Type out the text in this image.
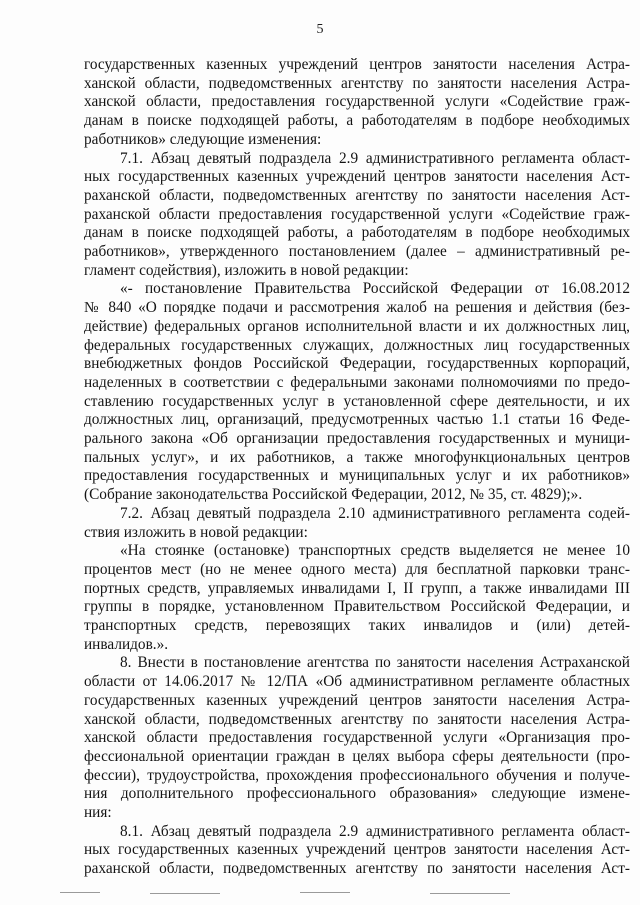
5
государственных казенных учреждений центров занятости населения Астра-
ханской области, подведомственных агентству по занятости населения Астра-
ханской области, предоставления государственной услуги «Содействие граж-
данам в поиске подходящей работы, а работодателям в подборе необходимых
работников» следующие изменения:
7.1. Абзац девятый подраздела 2.9 административного регламента област-
ных государственных казенных учреждений центров занятости населения Аст-
раханской области, подведомственных агентству по занятости населения Аст-
раханской области предоставления государственной услуги «Содействие граж-
данам в поиске подходящей работы, а работодателям в подборе необходимых
работников», утвержденного постановлением (далее – административный ре-
гламент содействия), изложить в новой редакции:
«- постановление Правительства Российской Федерации от 16.08.2012
№ 840 «О порядке подачи и рассмотрения жалоб на решения и действия (без-
действие) федеральных органов исполнительной власти и их должностных лиц,
федеральных государственных служащих, должностных лиц государственных
внебюджетных фондов Российской Федерации, государственных корпораций,
наделенных в соответствии с федеральными законами полномочиями по предо-
ставлению государственных услуг в установленной сфере деятельности, и их
должностных лиц, организаций, предусмотренных частью 1.1 статьи 16 Феде-
рального закона «Об организации предоставления государственных и муници-
пальных услуг», и их работников, а также многофункциональных центров
предоставления государственных и муниципальных услуг и их работников»
(Собрание законодательства Российской Федерации, 2012, № 35, ст. 4829);».
7.2. Абзац девятый подраздела 2.10 административного регламента содей-
ствия изложить в новой редакции:
«На стоянке (остановке) транспортных средств выделяется не менее 10
процентов мест (но не менее одного места) для бесплатной парковки транс-
портных средств, управляемых инвалидами I, II групп, а также инвалидами III
группы в порядке, установленном Правительством Российской Федерации, и
транспортных средств, перевозящих таких инвалидов и (или) детей-
инвалидов.».
8. Внести в постановление агентства по занятости населения Астраханской
области от 14.06.2017 № 12/ПА «Об административном регламенте областных
государственных казенных учреждений центров занятости населения Астра-
ханской области, подведомственных агентству по занятости населения Астра-
ханской области предоставления государственной услуги «Организация про-
фессиональной ориентации граждан в целях выбора сферы деятельности (про-
фессии), трудоустройства, прохождения профессионального обучения и получе-
ния дополнительного профессионального образования» следующие измене-
ния:
8.1. Абзац девятый подраздела 2.9 административного регламента област-
ных государственных казенных учреждений центров занятости населения Аст-
раханской области, подведомственных агентству по занятости населения Аст-
